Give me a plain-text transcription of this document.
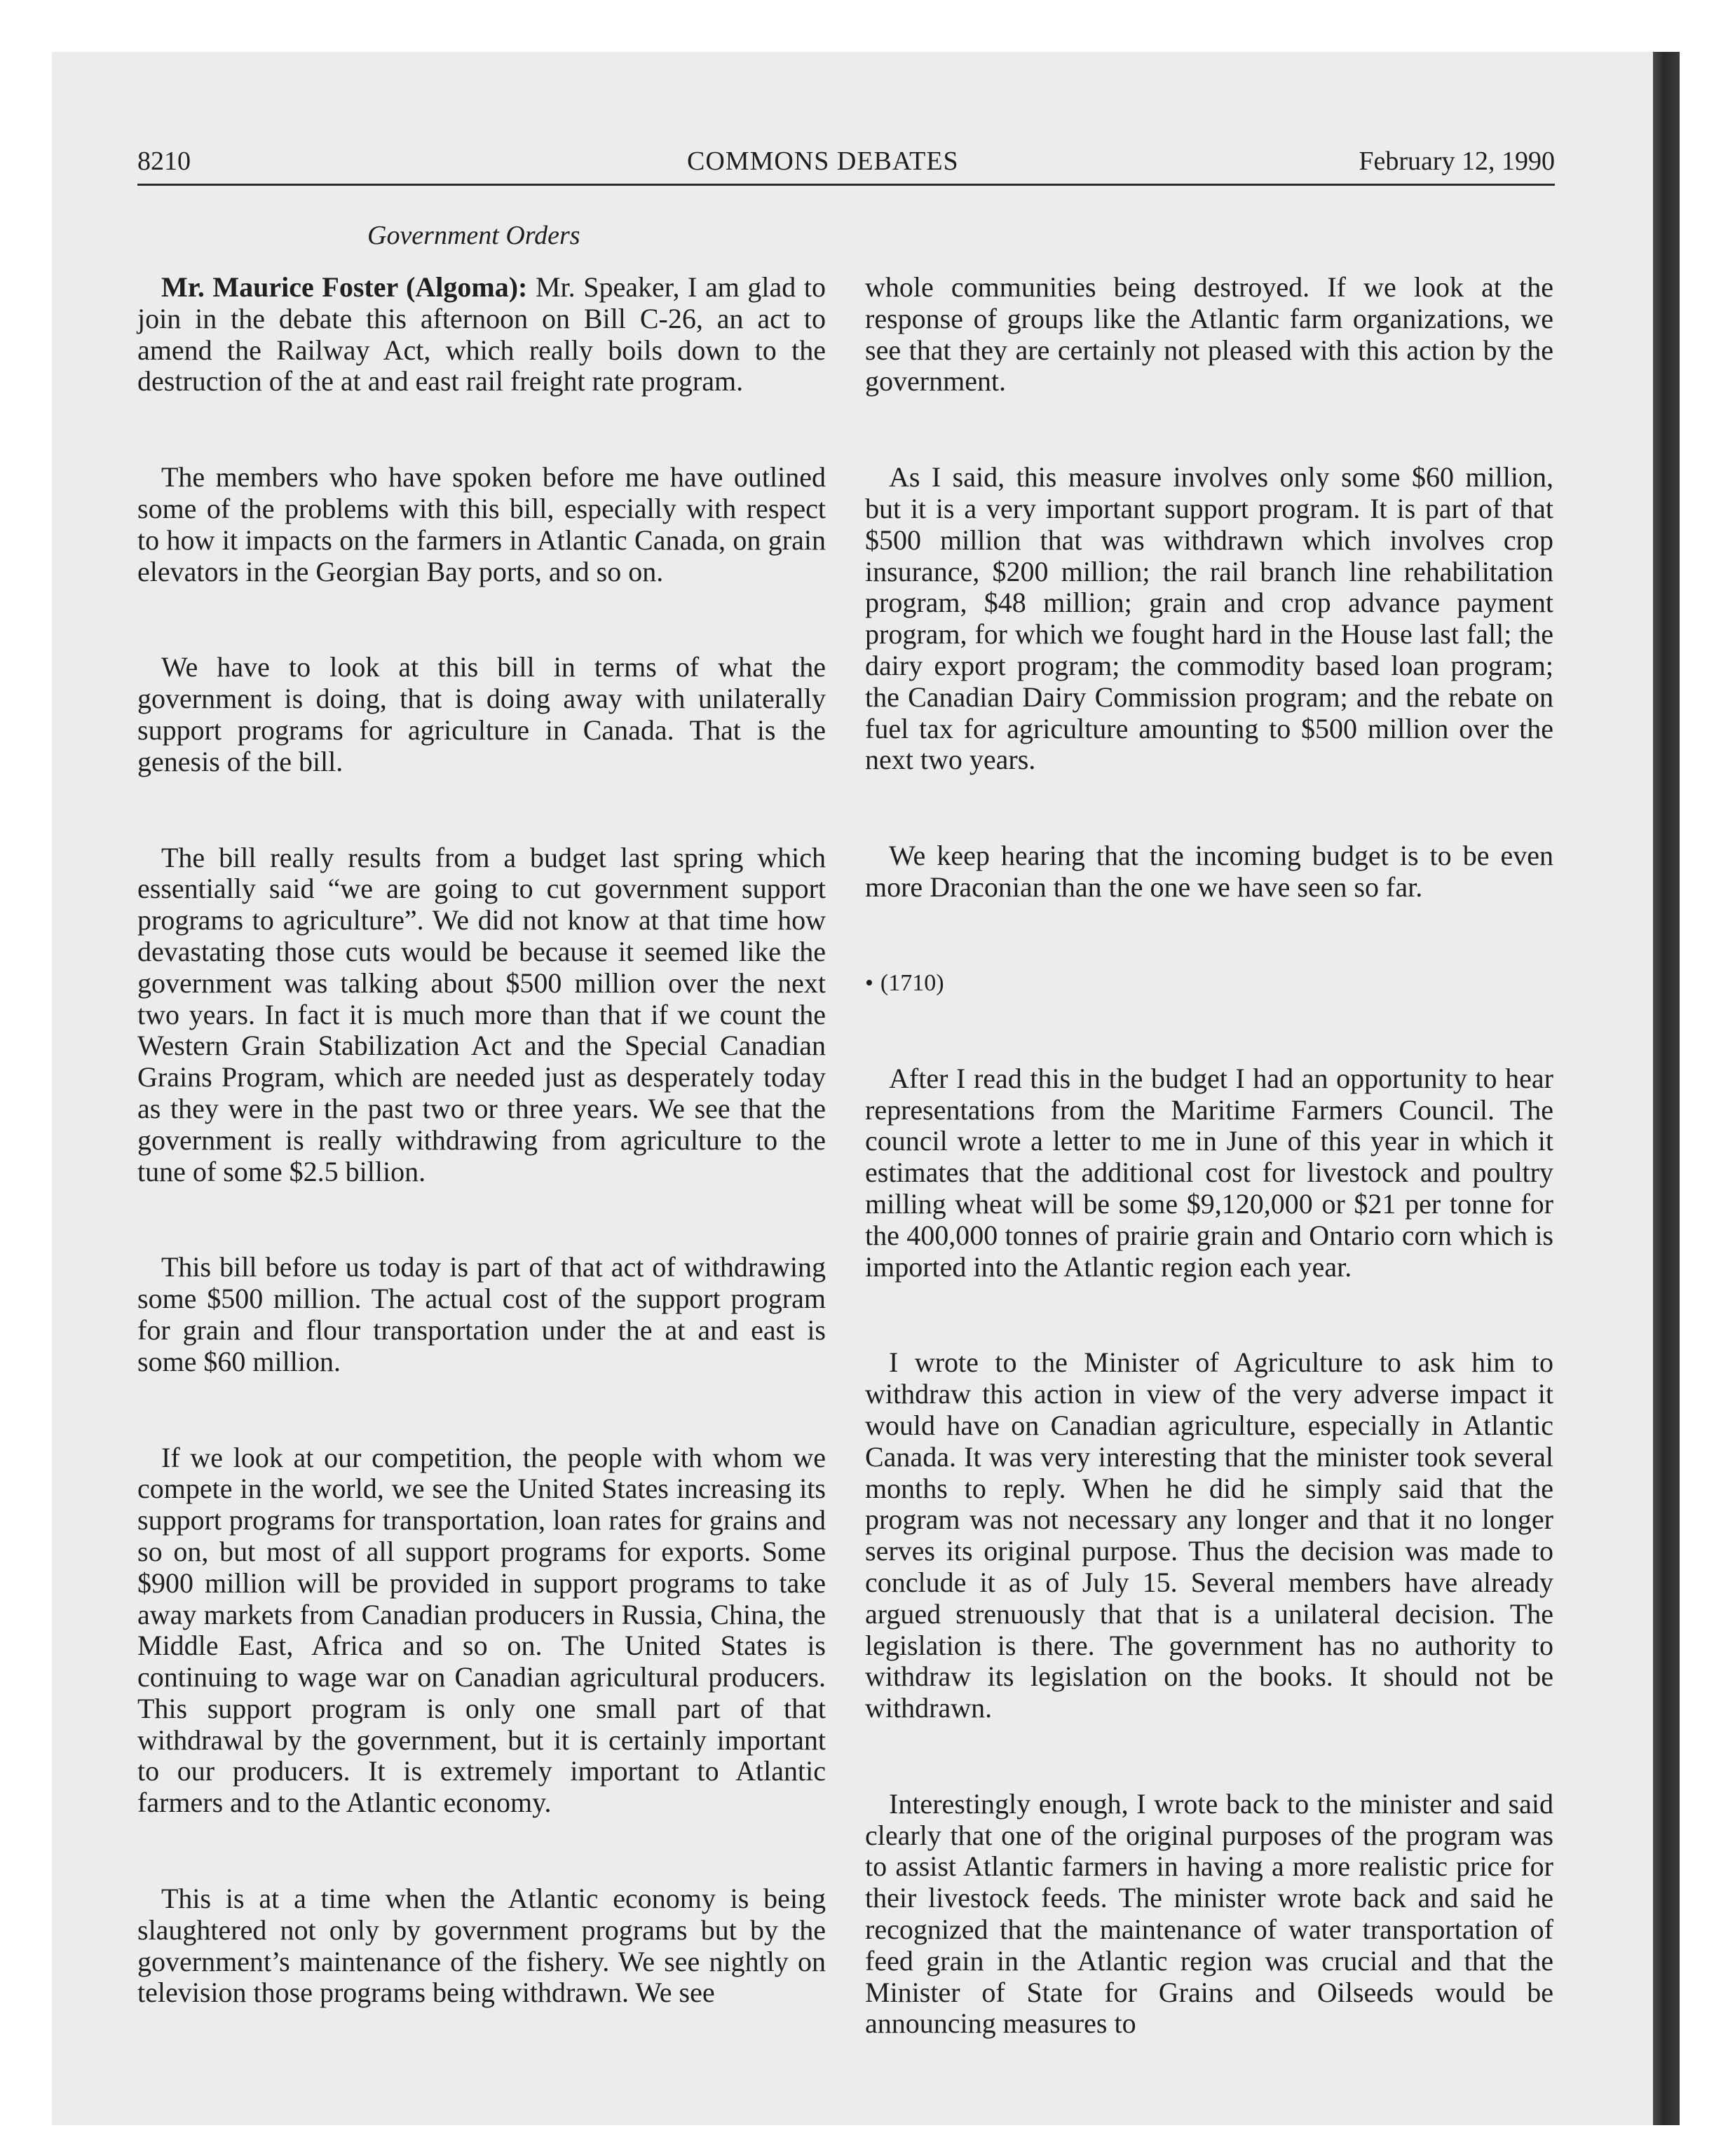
8210	COMMONS DEBATES	February 12, 1990
Government Orders

Mr. Maurice Foster (Algoma): Mr. Speaker, I am glad to join in the debate this afternoon on Bill C-26, an act to amend the Railway Act, which really boils down to the destruction of the at and east rail freight rate program.

The members who have spoken before me have outlined some of the problems with this bill, especially with respect to how it impacts on the farmers in Atlantic Canada, on grain elevators in the Georgian Bay ports, and so on.

We have to look at this bill in terms of what the government is doing, that is doing away with unilaterally support programs for agriculture in Canada. That is the genesis of the bill.

The bill really results from a budget last spring which essentially said “we are going to cut government support programs to agriculture”. We did not know at that time how devastating those cuts would be because it seemed like the government was talking about $500 million over the next two years. In fact it is much more than that if we count the Western Grain Stabilization Act and the Special Canadian Grains Program, which are needed just as desperately today as they were in the past two or three years. We see that the government is really withdrawing from agriculture to the tune of some $2.5 billion.

This bill before us today is part of that act of withdrawing some $500 million. The actual cost of the support program for grain and flour transportation under the at and east is some $60 million.

If we look at our competition, the people with whom we compete in the world, we see the United States increasing its support programs for transportation, loan rates for grains and so on, but most of all support programs for exports. Some $900 million will be provided in support programs to take away markets from Canadian producers in Russia, China, the Middle East, Africa and so on. The United States is continuing to wage war on Canadian agricultural producers. This support program is only one small part of that withdrawal by the government, but it is certainly important to our producers. It is extremely important to Atlantic farmers and to the Atlantic economy.

This is at a time when the Atlantic economy is being slaughtered not only by government programs but by the government’s maintenance of the fishery. We see nightly on television those programs being withdrawn. We see

whole communities being destroyed. If we look at the response of groups like the Atlantic farm organizations, we see that they are certainly not pleased with this action by the government.

As I said, this measure involves only some $60 million, but it is a very important support program. It is part of that $500 million that was withdrawn which involves crop insurance, $200 million; the rail branch line rehabilitation program, $48 million; grain and crop advance payment program, for which we fought hard in the House last fall; the dairy export program; the commodity based loan program; the Canadian Dairy Commission program; and the rebate on fuel tax for agriculture amounting to $500 million over the next two years.

We keep hearing that the incoming budget is to be even more Draconian than the one we have seen so far.

• (1710)

After I read this in the budget I had an opportunity to hear representations from the Maritime Farmers Council. The council wrote a letter to me in June of this year in which it estimates that the additional cost for livestock and poultry milling wheat will be some $9,120,000 or $21 per tonne for the 400,000 tonnes of prairie grain and Ontario corn which is imported into the Atlantic region each year.

I wrote to the Minister of Agriculture to ask him to withdraw this action in view of the very adverse impact it would have on Canadian agriculture, especially in Atlantic Canada. It was very interesting that the minister took several months to reply. When he did he simply said that the program was not necessary any longer and that it no longer serves its original purpose. Thus the decision was made to conclude it as of July 15. Several members have already argued strenuously that that is a unilateral decision. The legislation is there. The government has no authority to withdraw its legislation on the books. It should not be withdrawn.

Interestingly enough, I wrote back to the minister and said clearly that one of the original purposes of the program was to assist Atlantic farmers in having a more realistic price for their livestock feeds. The minister wrote back and said he recognized that the maintenance of water transportation of feed grain in the Atlantic region was crucial and that the Minister of State for Grains and Oilseeds would be announcing measures to
